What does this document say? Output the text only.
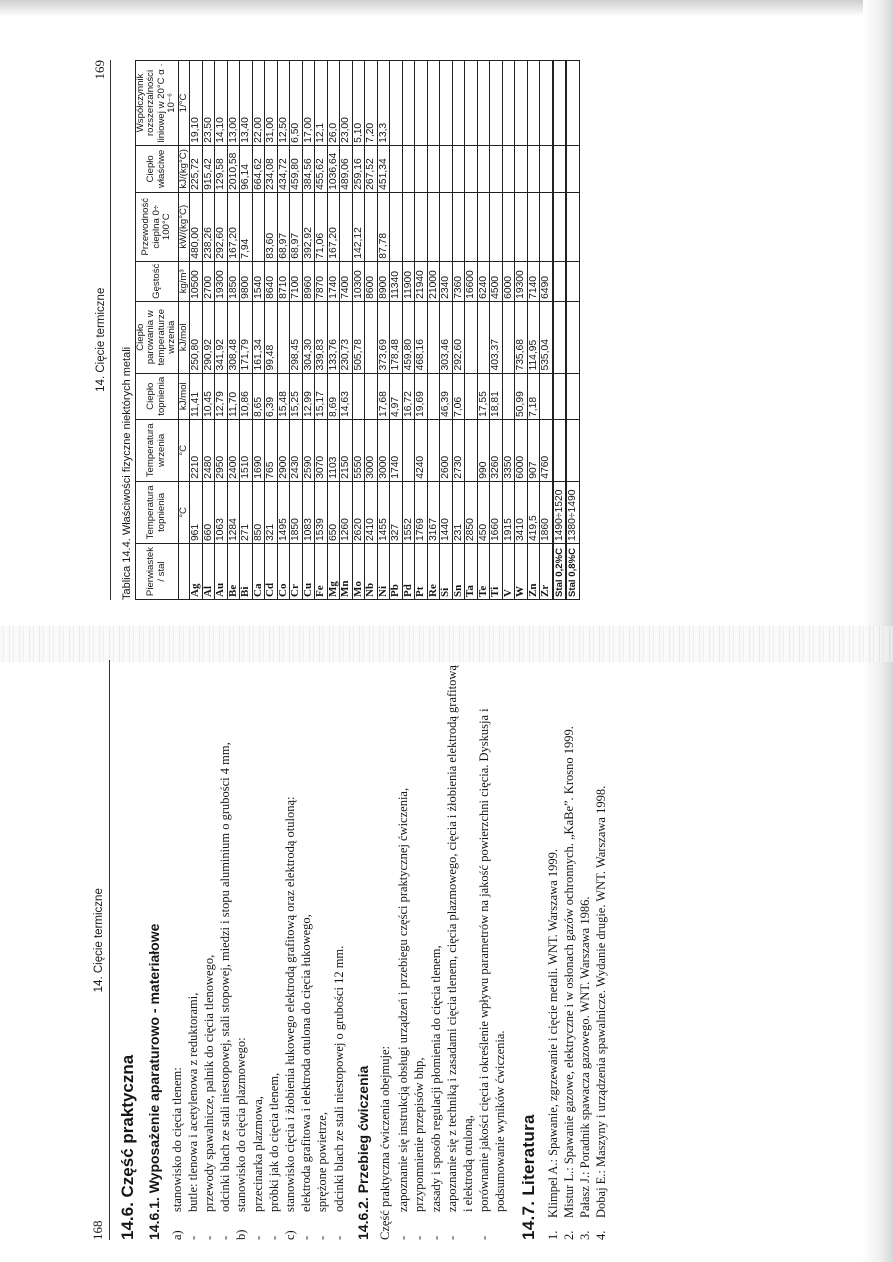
168
14. Cięcie termiczne
14.6. Część praktyczna 14.6.1. Wyposażenie aparaturowo - materiałowe a)
stanowisko do cięcia tlenem:
-
butle: tlenowa i acetylenowa z reduktorami,
-
przewody spawalnicze, palnik do cięcia tlenowego,
-
odcinki blach ze stali niestopowej, stali stopowej, miedzi i stopu aluminium o grubości 4 mm,
b)
stanowisko do cięcia plazmowego:
-
przecinarka plazmowa,
-
próbki jak do cięcia tlenem,
c)
stanowisko cięcia i żłobienia łukowego elektrodą grafitową oraz elektrodą otuloną:
-
elektroda grafitowa i elektroda otulona do cięcia łukowego,
-
sprężone powietrze,
-
odcinki blach ze stali niestopowej o grubości 12 mm. 14.6.2. Przebieg ćwiczenia Część praktyczna ćwiczenia obejmuje: -
zapoznanie się instrukcją obsługi urządzeń i przebiegu części praktycznej ćwiczenia,
-
przypomnienie przepisów bhp,
-
zasady i sposób regulacji płomienia do cięcia tlenem,
-
zapoznanie się z techniką i zasadami cięcia tlenem, cięcia plazmowego, cięcia i żłobienia elektrodą grafitową i elektrodą otuloną,
-
porównanie jakości cięcia i określenie wpływu parametrów na jakość powierzchni cięcia. Dyskusja i podsumowanie wyników ćwiczenia. 14.7. Literatura 1.
Klimpel A.: Spawanie, zgrzewanie i cięcie metali. WNT. Warszawa 1999.
2.
Mistur L.: Spawanie gazowe, elektryczne i w osłonach gazów ochronnych. „KaBe”. Krosno 1999.
3.
Pałasz J.: Poradnik spawacza gazowego. WNT. Warszawa 1986.
4.
Dobaj E.: Maszyny i urządzenia spawalnicze. Wydanie drugie. WNT. Warszawa 1998.
14. Cięcie termiczne
169
Tablica 14.4. Właściwości fizyczne niektórych metali Pierwiastek / stal	Temperatura topnienia	Temperatura wrzenia	Ciepło topnienia	Ciepło parowania w temperaturze wrzenia	Gęstość	Przewodność cieplna 0÷ 100°C	Ciepło właściwe	Współczynnik rozszerzalności liniowej w 20°C α · 10⁻⁶
	°C	°C	kJ/mol	kJ/mol	kg/m³	kW/(kg°C)	kJ/(kg°C)	1/°C
Ag	961	2210	11,41	250,80	10500	480,00	225,72	19,10
Al	660	2480	10,45	290,92	2700	238,26	915,42	23,50
Au	1063	2950	12,79	341,92	19300	292,60	129,58	14,10
Be	1284	2400	11,70	308,48	1850	167,20	2010,58	13,00
Bi	271	1510	10,86	171,79	9800	7,94	96,14	13,40
Ca	850	1690	8,65	161,34	1540		664,62	22,00
Cd	321	765	6,39	99,48	8640	83,60	234,08	31,00
Co	1495	2900	15,48		8710	68,97	434,72	12,50
Cr	1850	2430	15,25	298,45	7100	68,97	459,80	6,50
Cu	1083	2590	12,99	304,30	8960	392,92	384,56	17,00
Fe	1539	3070	15,17	339,83	7870	71,06	455,62	12,1
Mg	650	1103	8,69	133,76	1740	167,20	1036,64	26,0
Mn	1260	2150	14,63	230,73	7400		489,06	23,00
Mo	2620	5550		505,78	10300	142,12	259,16	5,10
Nb	2410	3000			8600		267,52	7,20
Ni	1455	3000	17,68	373,69	8900	87,78	451,34	13,3
Pb	327	1740	4,97	178,48	11340			
Pd	1552		16,72	459,80	11900			
Pt	1769	4240	19,69	468,16	21940			
Re	3167				21000			
Si	1440	2600	46,39	303,46	2340			
Sn	231	2730	7,06	292,60	7360			
Ta	2850				16600			
Te	450	990	17,55		6240			
Ti	1660	3260	18,81	403,37	4500			
V	1915	3350			6000			
W	3410	6000	50,99	735,68	19300			
Zn	419,5	907	7,18	114,95	7140			
Zr	1860	4760		535,04	6490			
Stal 0,2%C	1490÷1520							
Stal 0,8%C	1380÷1490							
